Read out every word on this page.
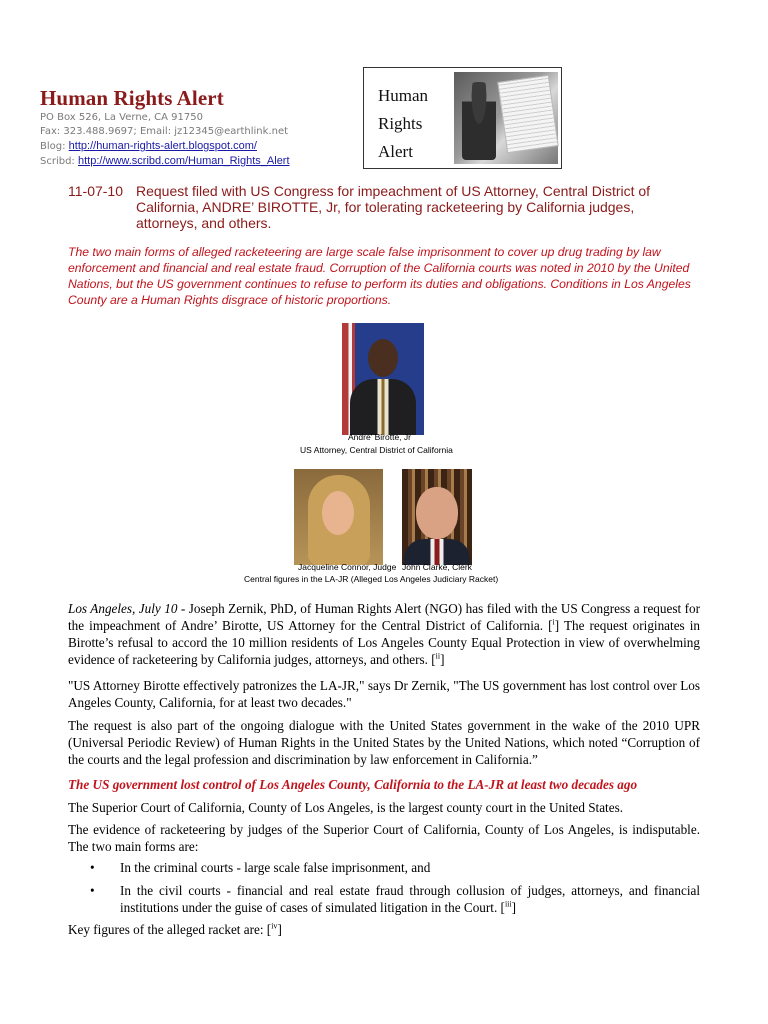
Human Rights Alert
PO Box 526, La Verne, CA 91750
Fax: 323.488.9697; Email: jz12345@earthlink.net
Blog: http://human-rights-alert.blogspot.com/
Scribd: http://www.scribd.com/Human_Rights_Alert
Human
Rights
Alert
11-07-10 Request filed with US Congress for impeachment of US Attorney, Central District of California, ANDRE’ BIROTTE, Jr, for tolerating racketeering by California judges, attorneys, and others.
The two main forms of alleged racketeering are large scale false imprisonment to cover up drug trading by law enforcement and financial and real estate fraud. Corruption of the California courts was noted in 2010 by the United Nations, but the US government continues to refuse to perform its duties and obligations. Conditions in Los Angeles County are a Human Rights disgrace of historic proportions.
Andre’ Birotte, Jr
US Attorney, Central District of California
Jacqueline Connor, Judge John Clarke, Clerk
Central figures in the LA-JR (Alleged Los Angeles Judiciary Racket)
Los Angeles, July 10 - Joseph Zernik, PhD, of Human Rights Alert (NGO) has filed with the US Congress a request for the impeachment of Andre’ Birotte, US Attorney for the Central District of California. [$^i$] The request originates in Birotte’s refusal to accord the 10 million residents of Los Angeles County Equal Protection in view of overwhelming evidence of racketeering by California judges, attorneys, and others. [$^{ii}$]
"US Attorney Birotte effectively patronizes the LA-JR," says Dr Zernik, "The US government has lost control over Los Angeles County, California, for at least two decades."
The request is also part of the ongoing dialogue with the United States government in the wake of the 2010 UPR (Universal Periodic Review) of Human Rights in the United States by the United Nations, which noted “Corruption of the courts and the legal profession and discrimination by law enforcement in California.”
The US government lost control of Los Angeles County, California to the LA-JR at least two decades ago
The Superior Court of California, County of Los Angeles, is the largest county court in the United States.
The evidence of racketeering by judges of the Superior Court of California, County of Los Angeles, is indisputable. The two main forms are:
• In the criminal courts - large scale false imprisonment, and
• In the civil courts - financial and real estate fraud through collusion of judges, attorneys, and financial institutions under the guise of cases of simulated litigation in the Court. [$^{iii}$]
Key figures of the alleged racket are: [$^{iv}$]
